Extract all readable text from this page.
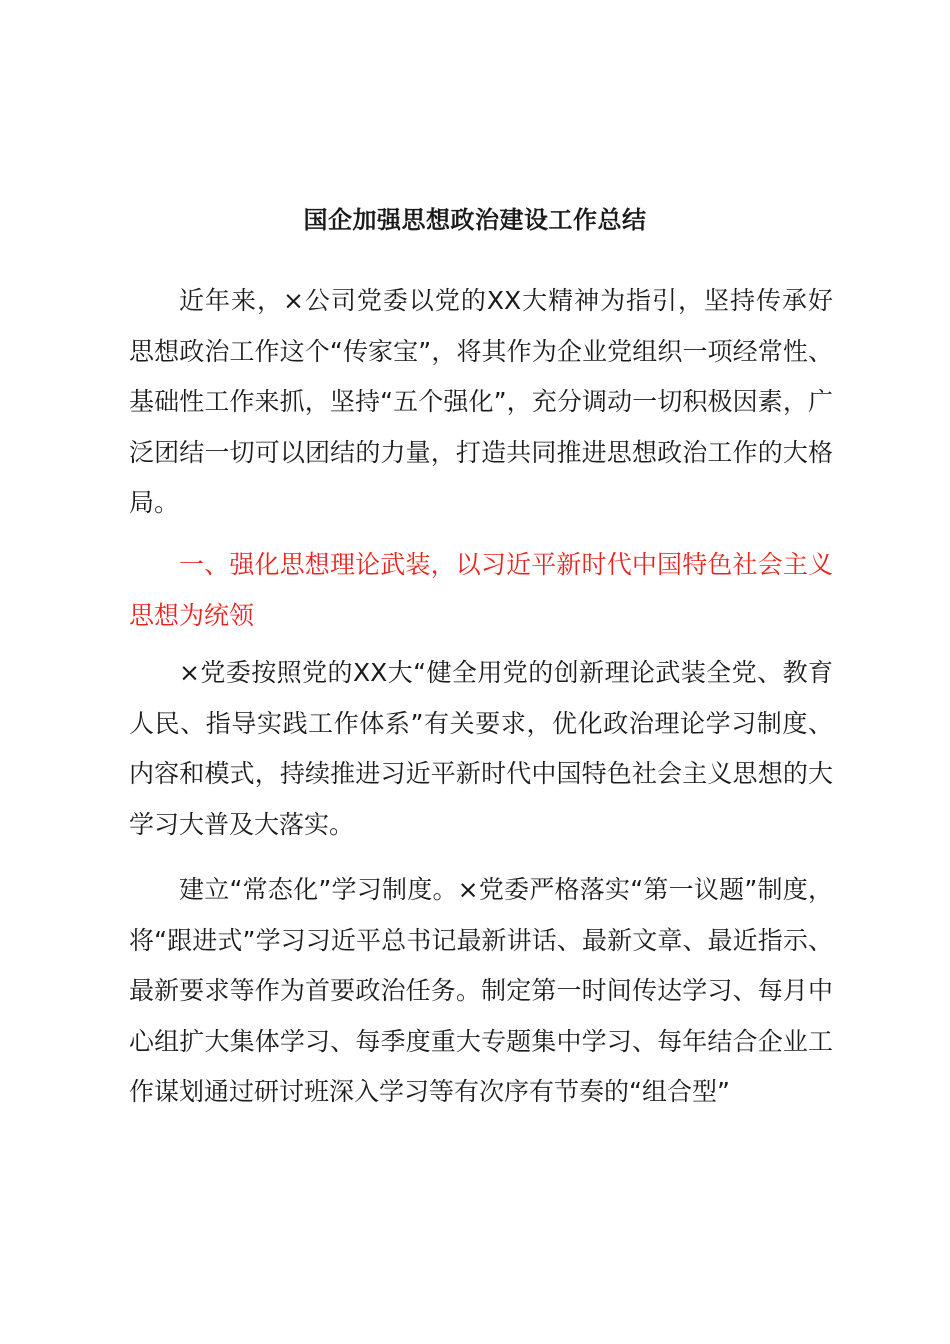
国企加强思想政治建设工作总结

近年来，×公司党委以党的XX大精神为指引，坚持传承好思想政治工作这个“传家宝”，将其作为企业党组织一项经常性、基础性工作来抓，坚持“五个强化”，充分调动一切积极因素，广泛团结一切可以团结的力量，打造共同推进思想政治工作的大格局。

一、强化思想理论武装，以习近平新时代中国特色社会主义思想为统领

×党委按照党的XX大“健全用党的创新理论武装全党、教育人民、指导实践工作体系”有关要求，优化政治理论学习制度、内容和模式，持续推进习近平新时代中国特色社会主义思想的大学习大普及大落实。

建立“常态化”学习制度。×党委严格落实“第一议题”制度，将“跟进式”学习习近平总书记最新讲话、最新文章、最近指示、最新要求等作为首要政治任务。制定第一时间传达学习、每月中心组扩大集体学习、每季度重大专题集中学习、每年结合企业工作谋划通过研讨班深入学习等有次序有节奏的“组合型”
